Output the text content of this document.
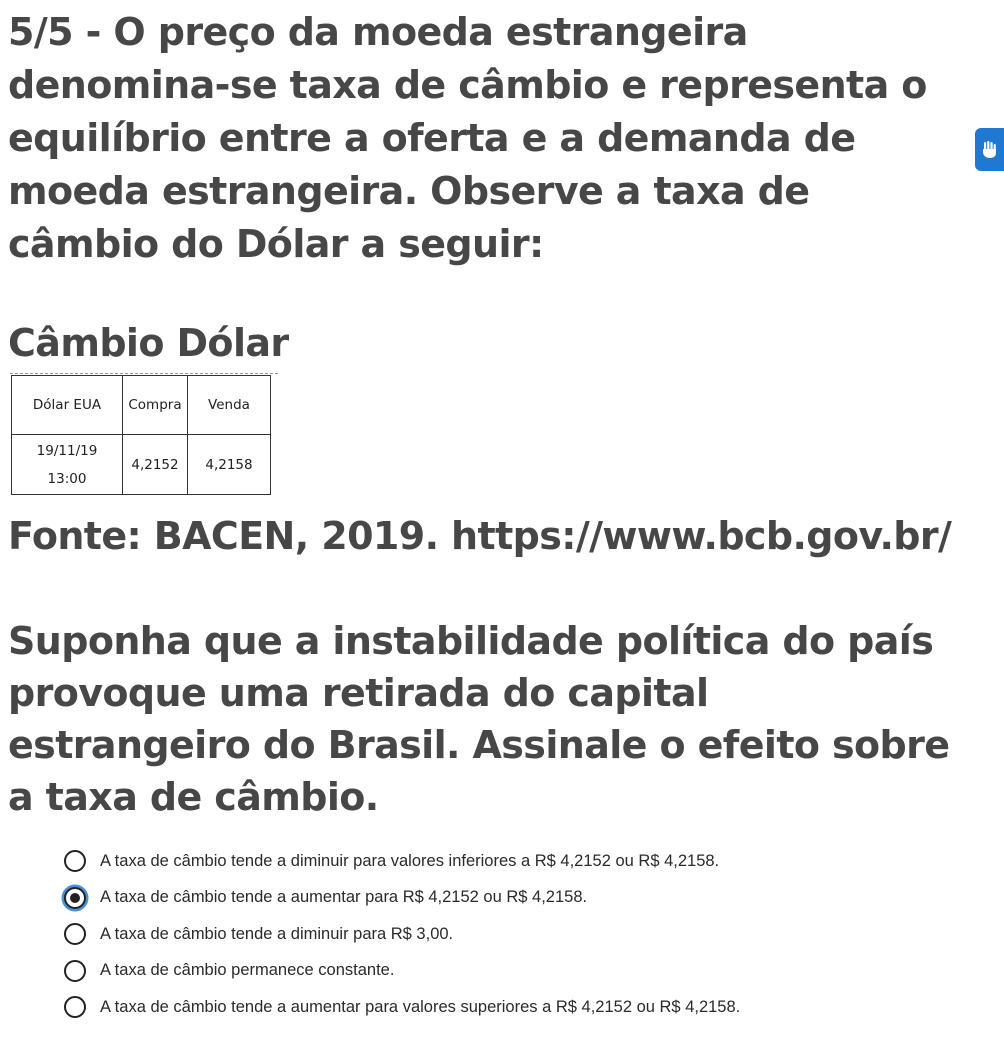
5/5 - O preço da moeda estrangeira denomina-se taxa de câmbio e representa o equilíbrio entre a oferta e a demanda de moeda estrangeira. Observe a taxa de câmbio do Dólar a seguir:
Câmbio Dólar
Dólar EUA	Compra	Venda
19/11/19
13:00	4,2152	4,2158

Fonte: BACEN, 2019. https://www.bcb.gov.br/

Suponha que a instabilidade política do país provoque uma retirada do capital estrangeiro do Brasil. Assinale o efeito sobre a taxa de câmbio.

A taxa de câmbio tende a diminuir para valores inferiores a R$ 4,2152 ou R$ 4,2158.
A taxa de câmbio tende a aumentar para R$ 4,2152 ou R$ 4,2158.
A taxa de câmbio tende a diminuir para R$ 3,00.
A taxa de câmbio permanece constante.
A taxa de câmbio tende a aumentar para valores superiores a R$ 4,2152 ou R$ 4,2158.
